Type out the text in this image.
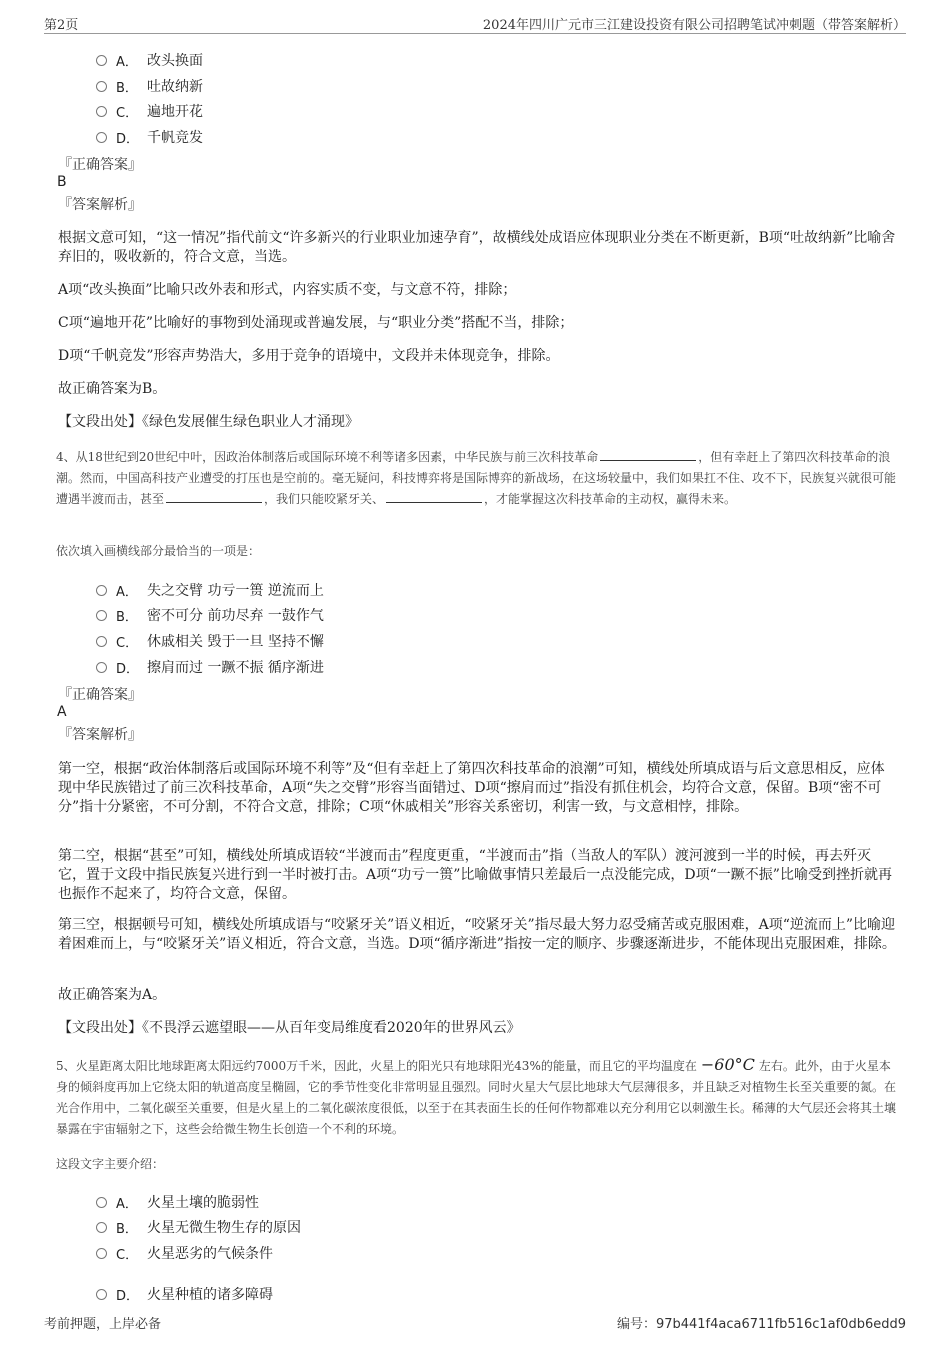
第2页	2024年四川广元市三江建设投资有限公司招聘笔试冲刺题（带答案解析）
A． 改头换面
B． 吐故纳新
C． 遍地开花
D． 千帆竞发
『正确答案』
B
『答案解析』
根据文意可知，“这一情况”指代前文“许多新兴的行业职业加速孕育”，故横线处成语应体现职业分类在不断更新，B项“吐故纳新”比喻舍弃旧的，吸收新的，符合文意，当选。
A项“改头换面”比喻只改外表和形式，内容实质不变，与文意不符，排除；
C项“遍地开花”比喻好的事物到处涌现或普遍发展，与“职业分类”搭配不当，排除；
D项“千帆竞发”形容声势浩大，多用于竞争的语境中，文段并未体现竞争，排除。
故正确答案为B。
【文段出处】《绿色发展催生绿色职业人才涌现》
4、从18世纪到20世纪中叶，因政治体制落后或国际环境不利等诸多因素，中华民族与前三次科技革命	，但有幸赶上了第四次科技革命的浪潮。然而，中国高科技产业遭受的打压也是空前的。毫无疑问，科技博弈将是国际博弈的新战场，在这场较量中，我们如果扛不住、攻不下，民族复兴就很可能遭遇半渡而击，甚至	，我们只能咬紧牙关、	，才能掌握这次科技革命的主动权，赢得未来。
依次填入画横线部分最恰当的一项是：
A． 失之交臂 功亏一篑 逆流而上
B． 密不可分 前功尽弃 一鼓作气
C． 休戚相关 毁于一旦 坚持不懈
D． 擦肩而过 一蹶不振 循序渐进
『正确答案』
A
『答案解析』
第一空，根据“政治体制落后或国际环境不利等”及“但有幸赶上了第四次科技革命的浪潮”可知，横线处所填成语与后文意思相反，应体现中华民族错过了前三次科技革命，A项“失之交臂”形容当面错过、D项“擦肩而过”指没有抓住机会，均符合文意，保留。B项“密不可分”指十分紧密，不可分割，不符合文意，排除；C项“休戚相关”形容关系密切，利害一致，与文意相悖，排除。
第二空，根据“甚至”可知，横线处所填成语较“半渡而击”程度更重，“半渡而击”指（当敌人的军队）渡河渡到一半的时候，再去歼灭它，置于文段中指民族复兴进行到一半时被打击。A项“功亏一篑”比喻做事情只差最后一点没能完成，D项“一蹶不振”比喻受到挫折就再也振作不起来了，均符合文意，保留。
第三空，根据顿号可知，横线处所填成语与“咬紧牙关”语义相近，“咬紧牙关”指尽最大努力忍受痛苦或克服困难，A项“逆流而上”比喻迎着困难而上，与“咬紧牙关”语义相近，符合文意，当选。D项“循序渐进”指按一定的顺序、步骤逐渐进步，不能体现出克服困难，排除。
故正确答案为A。
【文段出处】《不畏浮云遮望眼——从百年变局维度看2020年的世界风云》
5、火星距离太阳比地球距离太阳远约7000万千米，因此，火星上的阳光只有地球阳光43%的能量，而且它的平均温度在 −60°C 左右。此外，由于火星本身的倾斜度再加上它绕太阳的轨道高度呈椭圆，它的季节性变化非常明显且强烈。同时火星大气层比地球大气层薄很多，并且缺乏对植物生长至关重要的氮。在光合作用中，二氧化碳至关重要，但是火星上的二氧化碳浓度很低，以至于在其表面生长的任何作物都难以充分利用它以刺激生长。稀薄的大气层还会将其土壤暴露在宇宙辐射之下，这些会给微生物生长创造一个不利的环境。
这段文字主要介绍：
A． 火星土壤的脆弱性
B． 火星无微生物生存的原因
C． 火星恶劣的气候条件
D． 火星种植的诸多障碍
考前押题，上岸必备	编号：97b441f4aca6711fb516c1af0db6edd9
